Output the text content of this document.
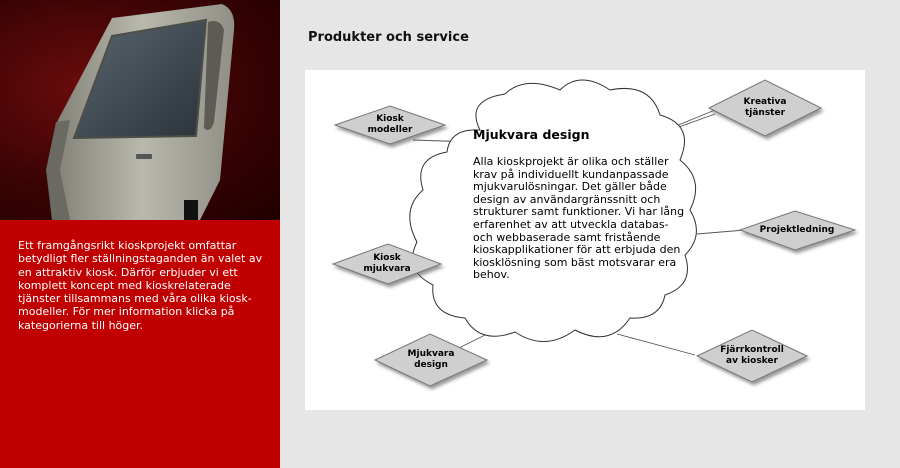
Ett framgångsrikt kioskprojekt omfattar betydligt fler ställningstaganden än valet av en attraktiv kiosk. Därför erbjuder vi ett komplett koncept med kioskrelaterade tjänster tillsammans med våra olika kiosk-modeller. För mer information klicka på kategorierna till höger.

Produkter och service
Mjukvara design

Alla kioskprojekt är olika och ställer krav på individuellt kundanpassade mjukvarulösningar. Det gäller både design av användargränssnitt och strukturer samt funktioner. Vi har lång erfarenhet av att utveckla databas- och webbaserade samt fristående kioskapplikationer för att erbjuda den kiosklösning som bäst motsvarar era behov.

Kiosk
modeller
Kreativa
tjänster
Projektledning
Kiosk
mjukvara
Mjukvara
design
Fjärrkontroll
av kiosker
